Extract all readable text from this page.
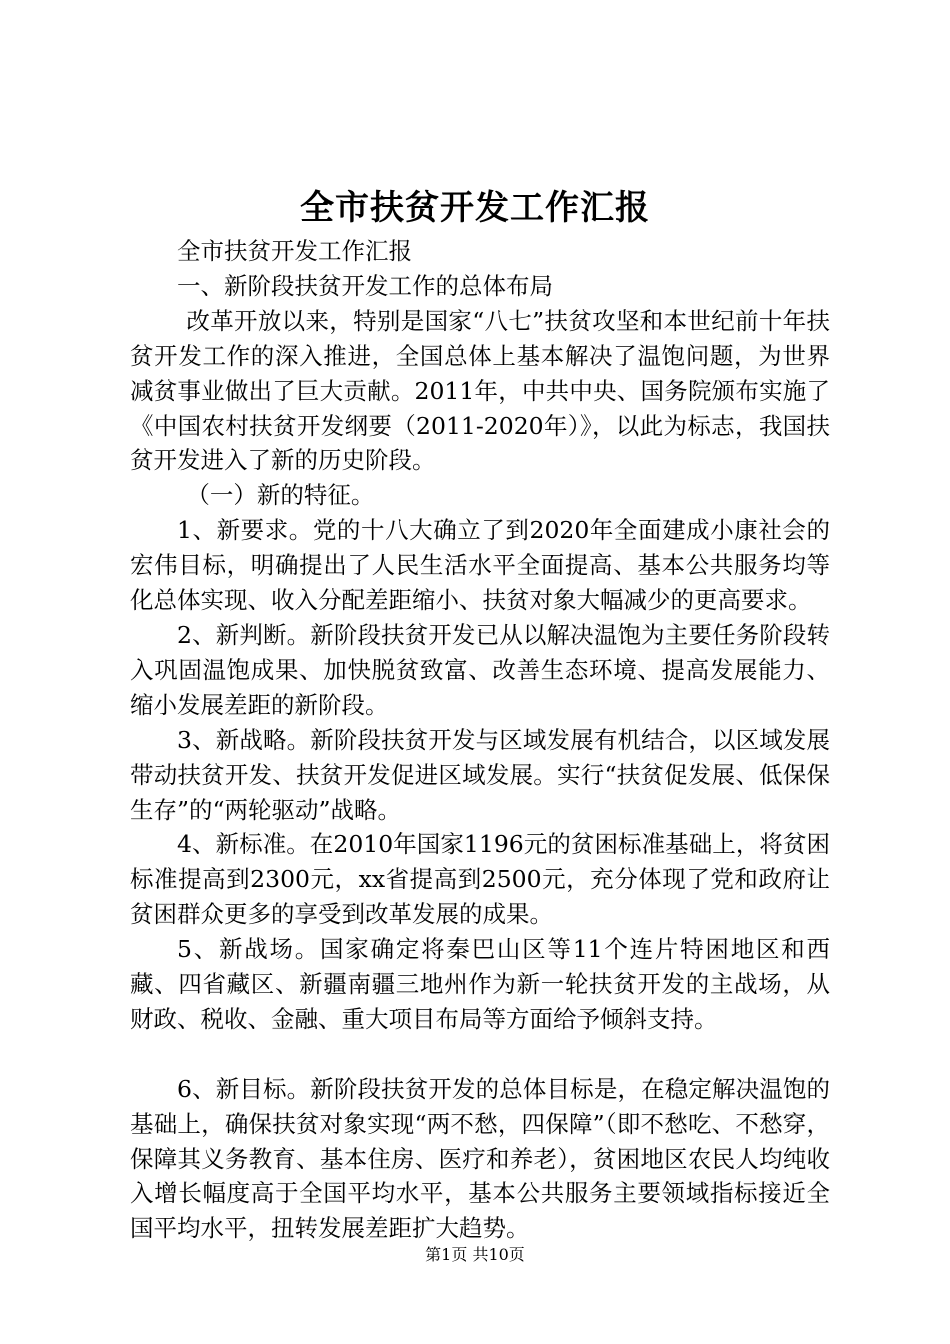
全市扶贫开发工作汇报

全市扶贫开发工作汇报

一、新阶段扶贫开发工作的总体布局

改革开放以来，特别是国家“八七”扶贫攻坚和本世纪前十年扶贫开发工作的深入推进，全国总体上基本解决了温饱问题，为世界减贫事业做出了巨大贡献。2011年，中共中央、国务院颁布实施了《中国农村扶贫开发纲要（2011-2020年）》，以此为标志，我国扶贫开发进入了新的历史阶段。

（一）新的特征。

1、新要求。党的十八大确立了到2020年全面建成小康社会的宏伟目标，明确提出了人民生活水平全面提高、基本公共服务均等化总体实现、收入分配差距缩小、扶贫对象大幅减少的更高要求。

2、新判断。新阶段扶贫开发已从以解决温饱为主要任务阶段转入巩固温饱成果、加快脱贫致富、改善生态环境、提高发展能力、缩小发展差距的新阶段。

3、新战略。新阶段扶贫开发与区域发展有机结合，以区域发展带动扶贫开发、扶贫开发促进区域发展。实行“扶贫促发展、低保保生存”的“两轮驱动”战略。

4、新标准。在2010年国家1196元的贫困标准基础上，将贫困标准提高到2300元，xx省提高到2500元，充分体现了党和政府让贫困群众更多的享受到改革发展的成果。

5、新战场。国家确定将秦巴山区等11个连片特困地区和西藏、四省藏区、新疆南疆三地州作为新一轮扶贫开发的主战场，从财政、税收、金融、重大项目布局等方面给予倾斜支持。

6、新目标。新阶段扶贫开发的总体目标是，在稳定解决温饱的基础上，确保扶贫对象实现“两不愁，四保障”（即不愁吃、不愁穿，保障其义务教育、基本住房、医疗和养老），贫困地区农民人均纯收入增长幅度高于全国平均水平，基本公共服务主要领域指标接近全国平均水平，扭转发展差距扩大趋势。

第1页 共10页
